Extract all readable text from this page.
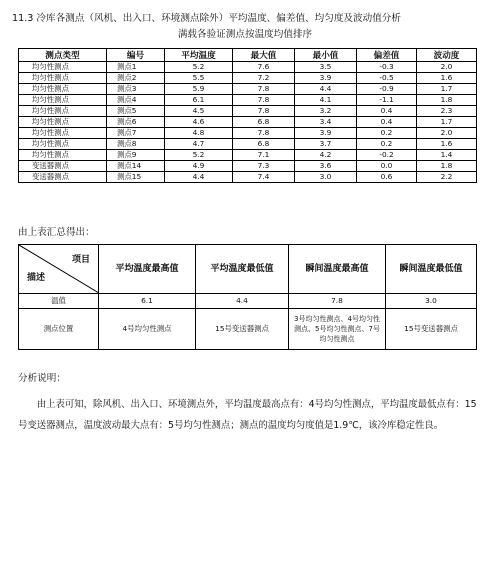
11.3 冷库各测点（风机、出入口、环境测点除外）平均温度、偏差值、均匀度及波动值分析
满载各验证测点按温度均值排序
测点类型	编号	平均温度	最大值	最小值	偏差值	波动度
均匀性测点	测点1	5.2	7.6	3.5	-0.3	2.0
均匀性测点	测点2	5.5	7.2	3.9	-0.5	1.6
均匀性测点	测点3	5.9	7.8	4.4	-0.9	1.7
均匀性测点	测点4	6.1	7.8	4.1	-1.1	1.8
均匀性测点	测点5	4.5	7.8	3.2	0.4	2.3
均匀性测点	测点6	4.6	6.8	3.4	0.4	1.7
均匀性测点	测点7	4.8	7.8	3.9	0.2	2.0
均匀性测点	测点8	4.7	6.8	3.7	0.2	1.6
均匀性测点	测点9	5.2	7.1	4.2	-0.2	1.4
变送器测点	测点14	4.9	7.3	3.6	0.0	1.8
变送器测点	测点15	4.4	7.4	3.0	0.6	2.2
由上表汇总得出：
项目
描述	平均温度最高值	平均温度最低值	瞬间温度最高值	瞬间温度最低值
温值	6.1	4.4	7.8	3.0
测点位置	4号均匀性测点	15号变送器测点	3号均匀性测点、4号均匀性测点、5号均匀性测点、7号均匀性测点	15号变送器测点
分析说明：
由上表可知，除风机、出入口、环境测点外，平均温度最高点有：4号均匀性测点，平均温度最低点有：15号变送器测点，温度波动最大点有：5号均匀性测点；测点的温度均匀度值是1.9℃，该冷库稳定性良。
